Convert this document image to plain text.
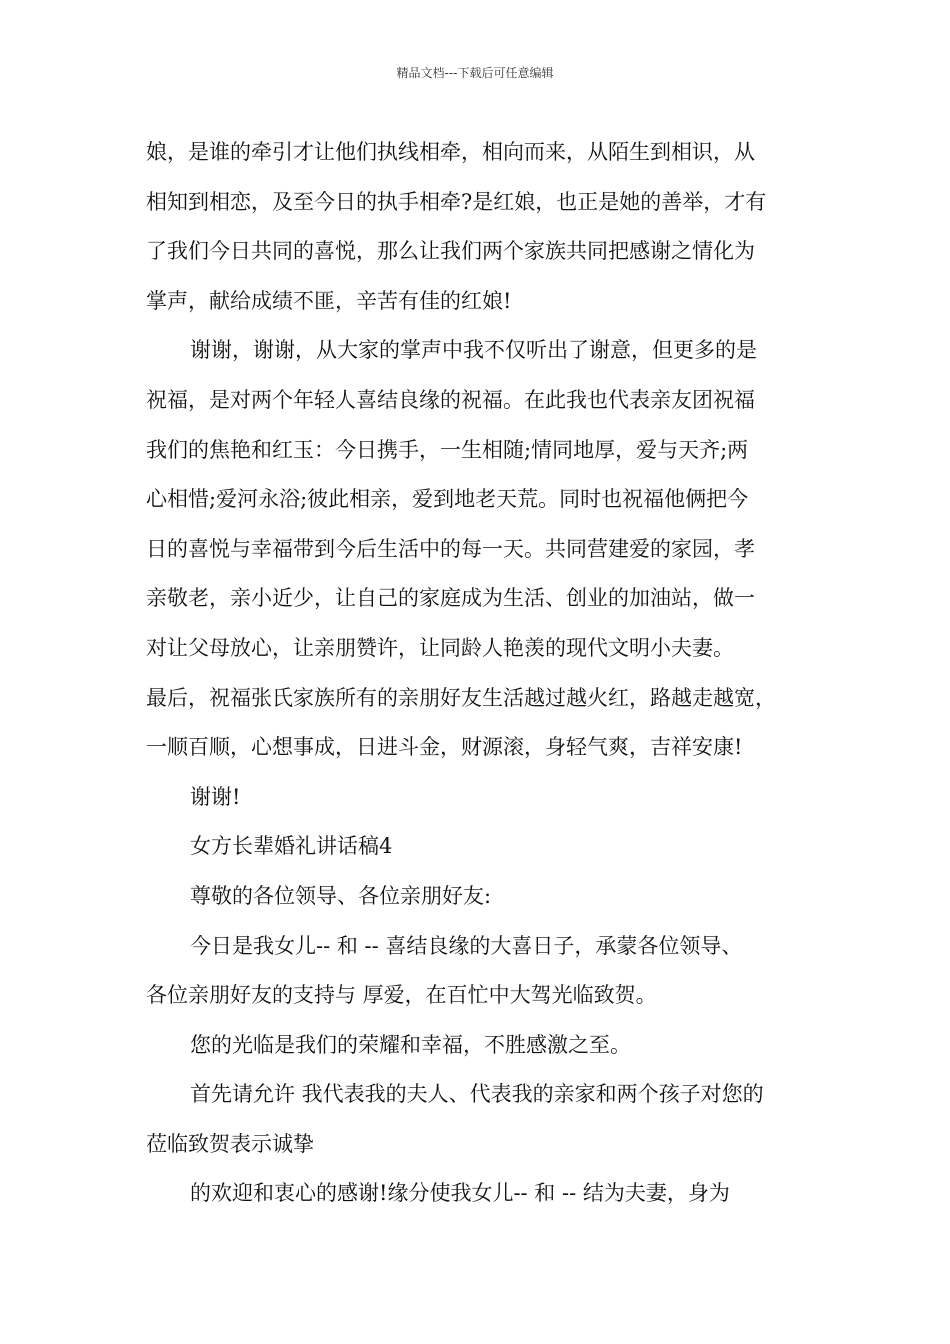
精品文档---下载后可任意编辑
娘，是谁的牵引才让他们执线相牵，相向而来，从陌生到相识，从
相知到相恋，及至今日的执手相牵?是红娘，也正是她的善举，才有
了我们今日共同的喜悦，那么让我们两个家族共同把感谢之情化为
掌声，献给成绩不匪，辛苦有佳的红娘!
谢谢，谢谢，从大家的掌声中我不仅听出了谢意，但更多的是
祝福，是对两个年轻人喜结良缘的祝福。在此我也代表亲友团祝福
我们的焦艳和红玉：今日携手，一生相随;情同地厚，爱与天齐;两
心相惜;爱河永浴;彼此相亲，爱到地老天荒。同时也祝福他俩把今
日的喜悦与幸福带到今后生活中的每一天。共同营建爱的家园，孝
亲敬老，亲小近少，让自己的家庭成为生活、创业的加油站，做一
对让父母放心，让亲朋赞许，让同龄人艳羡的现代文明小夫妻。
最后，祝福张氏家族所有的亲朋好友生活越过越火红，路越走越宽，
一顺百顺，心想事成，日进斗金，财源滚，身轻气爽，吉祥安康!
谢谢!
女方长辈婚礼讲话稿4
尊敬的各位领导、各位亲朋好友:
今日是我女儿-- 和 -- 喜结良缘的大喜日子，承蒙各位领导、
各位亲朋好友的支持与 厚爱，在百忙中大驾光临致贺。
您的光临是我们的荣耀和幸福，不胜感激之至。
首先请允许 我代表我的夫人、代表我的亲家和两个孩子对您的
莅临致贺表示诚挚
的欢迎和衷心的感谢!缘分使我女儿-- 和 -- 结为夫妻，身为
